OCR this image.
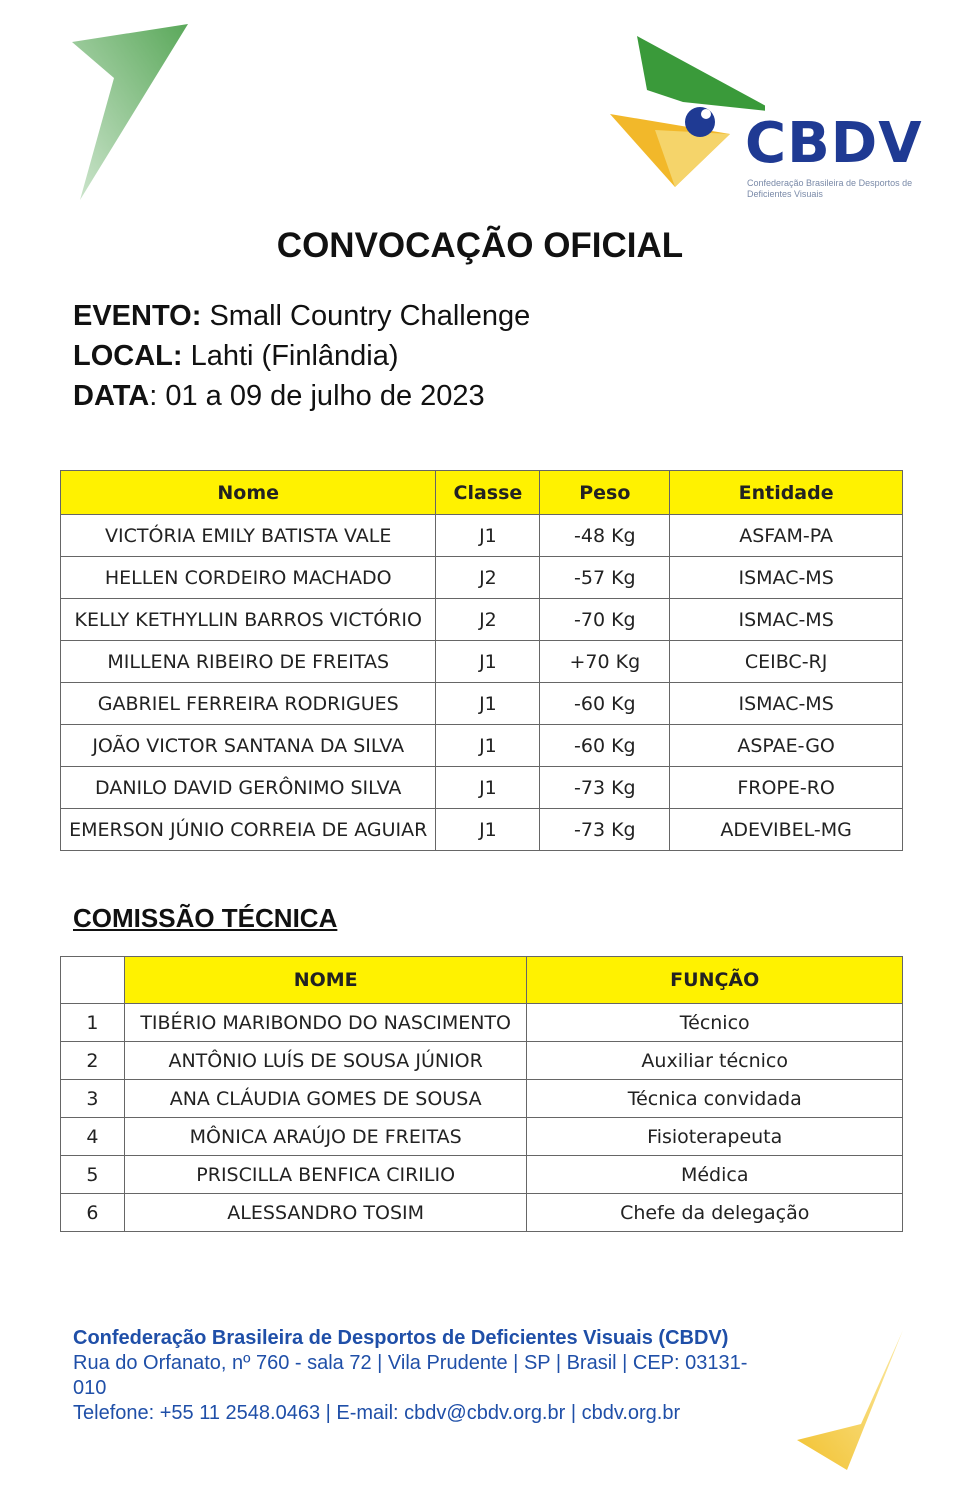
CBDV
Confederação Brasileira de Desportos de Deficientes Visuais
CONVOCAÇÃO OFICIAL
EVENTO: Small Country Challenge
LOCAL: Lahti (Finlândia)
DATA: 01 a 09 de julho de 2023
Nome	Classe	Peso	Entidade
VICTÓRIA EMILY BATISTA VALE	J1	-48 Kg	ASFAM-PA
HELLEN CORDEIRO MACHADO	J2	-57 Kg	ISMAC-MS
KELLY KETHYLLIN BARROS VICTÓRIO	J2	-70 Kg	ISMAC-MS
MILLENA RIBEIRO DE FREITAS	J1	+70 Kg	CEIBC-RJ
GABRIEL FERREIRA RODRIGUES	J1	-60 Kg	ISMAC-MS
JOÃO VICTOR SANTANA DA SILVA	J1	-60 Kg	ASPAE-GO
DANILO DAVID GERÔNIMO SILVA	J1	-73 Kg	FROPE-RO
EMERSON JÚNIO CORREIA DE AGUIAR	J1	-73 Kg	ADEVIBEL-MG
COMISSÃO TÉCNICA
	NOME	FUNÇÃO
1	TIBÉRIO MARIBONDO DO NASCIMENTO	Técnico
2	ANTÔNIO LUÍS DE SOUSA JÚNIOR	Auxiliar técnico
3	ANA CLÁUDIA GOMES DE SOUSA	Técnica convidada
4	MÔNICA ARAÚJO DE FREITAS	Fisioterapeuta
5	PRISCILLA BENFICA CIRILIO	Médica
6	ALESSANDRO TOSIM	Chefe da delegação
Confederação Brasileira de Desportos de Deficientes Visuais (CBDV)
Rua do Orfanato, nº 760 - sala 72 | Vila Prudente | SP | Brasil | CEP: 03131-010
Telefone: +55 11 2548.0463 | E-mail: cbdv@cbdv.org.br | cbdv.org.br
